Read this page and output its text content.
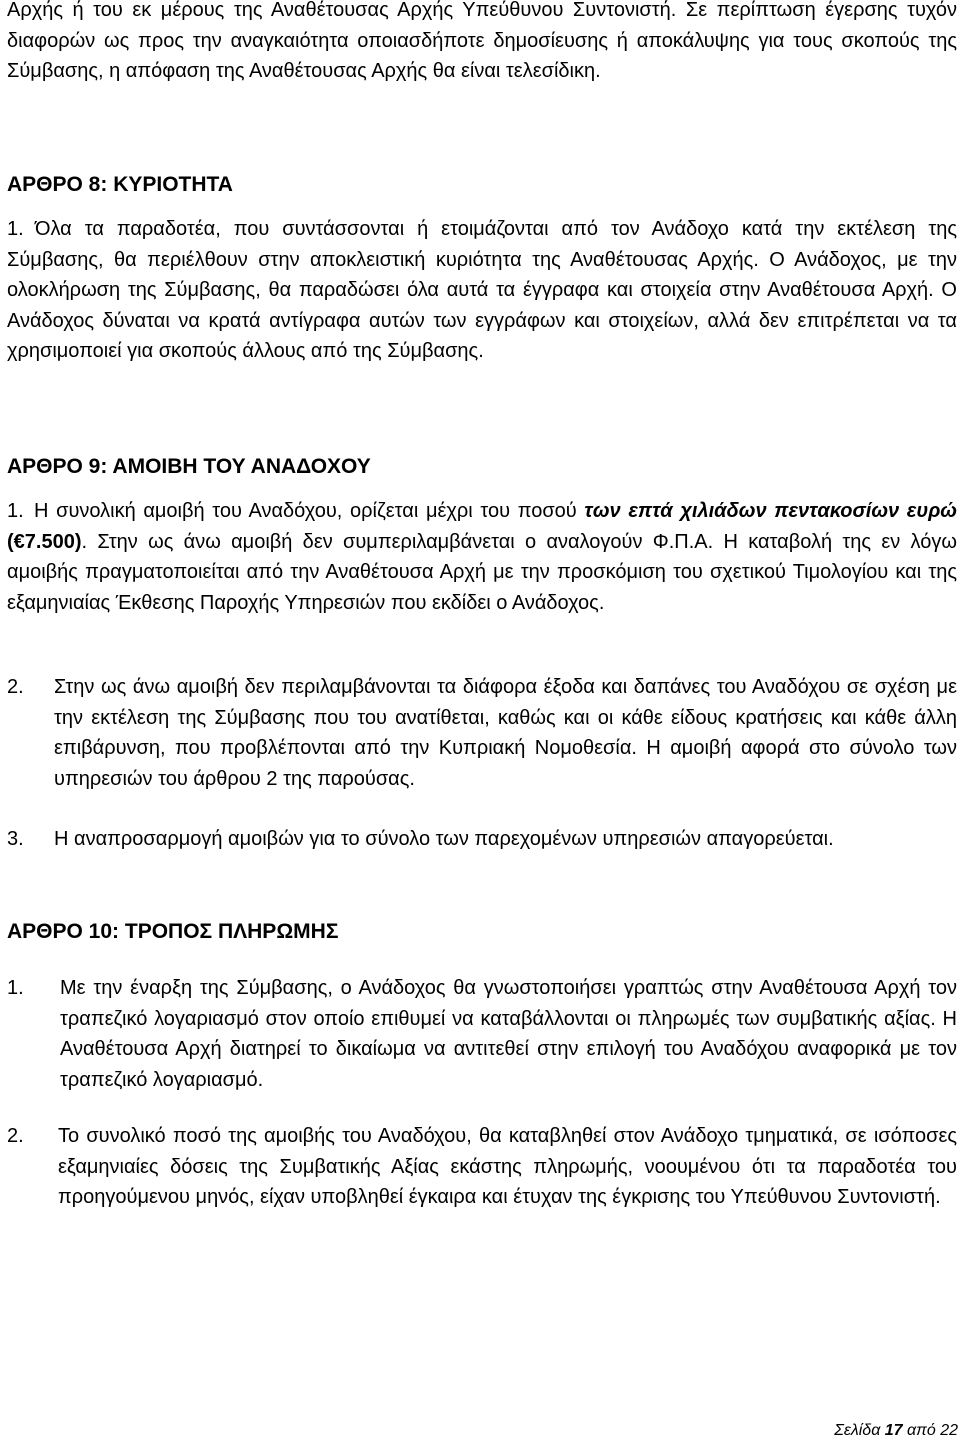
Αρχής ή του εκ μέρους της Αναθέτουσας Αρχής Υπεύθυνου Συντονιστή. Σε περίπτωση έγερσης τυχόν διαφορών ως προς την αναγκαιότητα οποιασδήποτε δημοσίευσης ή αποκάλυψης για τους σκοπούς της Σύμβασης, η απόφαση της Αναθέτουσας Αρχής θα είναι τελεσίδικη.

ΑΡΘΡΟ 8: ΚΥΡΙΟΤΗΤΑ

1. Όλα τα παραδοτέα, που συντάσσονται ή ετοιμάζονται από τον Ανάδοχο κατά την εκτέλεση της Σύμβασης, θα περιέλθουν στην αποκλειστική κυριότητα της Αναθέτουσας Αρχής. Ο Ανάδοχος, με την ολοκλήρωση της Σύμβασης, θα παραδώσει όλα αυτά τα έγγραφα και στοιχεία στην Αναθέτουσα Αρχή. Ο Ανάδοχος δύναται να κρατά αντίγραφα αυτών των εγγράφων και στοιχείων, αλλά δεν επιτρέπεται να τα χρησιμοποιεί για σκοπούς άλλους από της Σύμβασης.

ΑΡΘΡΟ 9: ΑΜΟΙΒΗ ΤΟΥ ΑΝΑΔΟΧΟΥ

1. Η συνολική αμοιβή του Αναδόχου, ορίζεται μέχρι του ποσού των επτά χιλιάδων πεντακοσίων ευρώ (€7.500). Στην ως άνω αμοιβή δεν συμπεριλαμβάνεται ο αναλογούν Φ.Π.Α. Η καταβολή της εν λόγω αμοιβής πραγματοποιείται από την Αναθέτουσα Αρχή με την προσκόμιση του σχετικού Τιμολογίου και της εξαμηνιαίας Έκθεσης Παροχής Υπηρεσιών που εκδίδει ο Ανάδοχος.

2. Στην ως άνω αμοιβή δεν περιλαμβάνονται τα διάφορα έξοδα και δαπάνες του Αναδόχου σε σχέση με την εκτέλεση της Σύμβασης που του ανατίθεται, καθώς και οι κάθε είδους κρατήσεις και κάθε άλλη επιβάρυνση, που προβλέπονται από την Κυπριακή Νομοθεσία. Η αμοιβή αφορά στο σύνολο των υπηρεσιών του άρθρου 2 της παρούσας.

3. Η αναπροσαρμογή αμοιβών για το σύνολο των παρεχομένων υπηρεσιών απαγορεύεται.

ΑΡΘΡΟ 10: ΤΡΟΠΟΣ ΠΛΗΡΩΜΗΣ

1. Με την έναρξη της Σύμβασης, ο Ανάδοχος θα γνωστοποιήσει γραπτώς στην Αναθέτουσα Αρχή τον τραπεζικό λογαριασμό στον οποίο επιθυμεί να καταβάλλονται οι πληρωμές των συμβατικής αξίας. Η Αναθέτουσα Αρχή διατηρεί το δικαίωμα να αντιτεθεί στην επιλογή του Αναδόχου αναφορικά με τον τραπεζικό λογαριασμό.

2. Το συνολικό ποσό της αμοιβής του Αναδόχου, θα καταβληθεί στον Ανάδοχο τμηματικά, σε ισόποσες εξαμηνιαίες δόσεις της Συμβατικής Αξίας εκάστης πληρωμής, νοουμένου ότι τα παραδοτέα του προηγούμενου μηνός, είχαν υποβληθεί έγκαιρα και έτυχαν της έγκρισης του Υπεύθυνου Συντονιστή.

Σελίδα 17 από 22
